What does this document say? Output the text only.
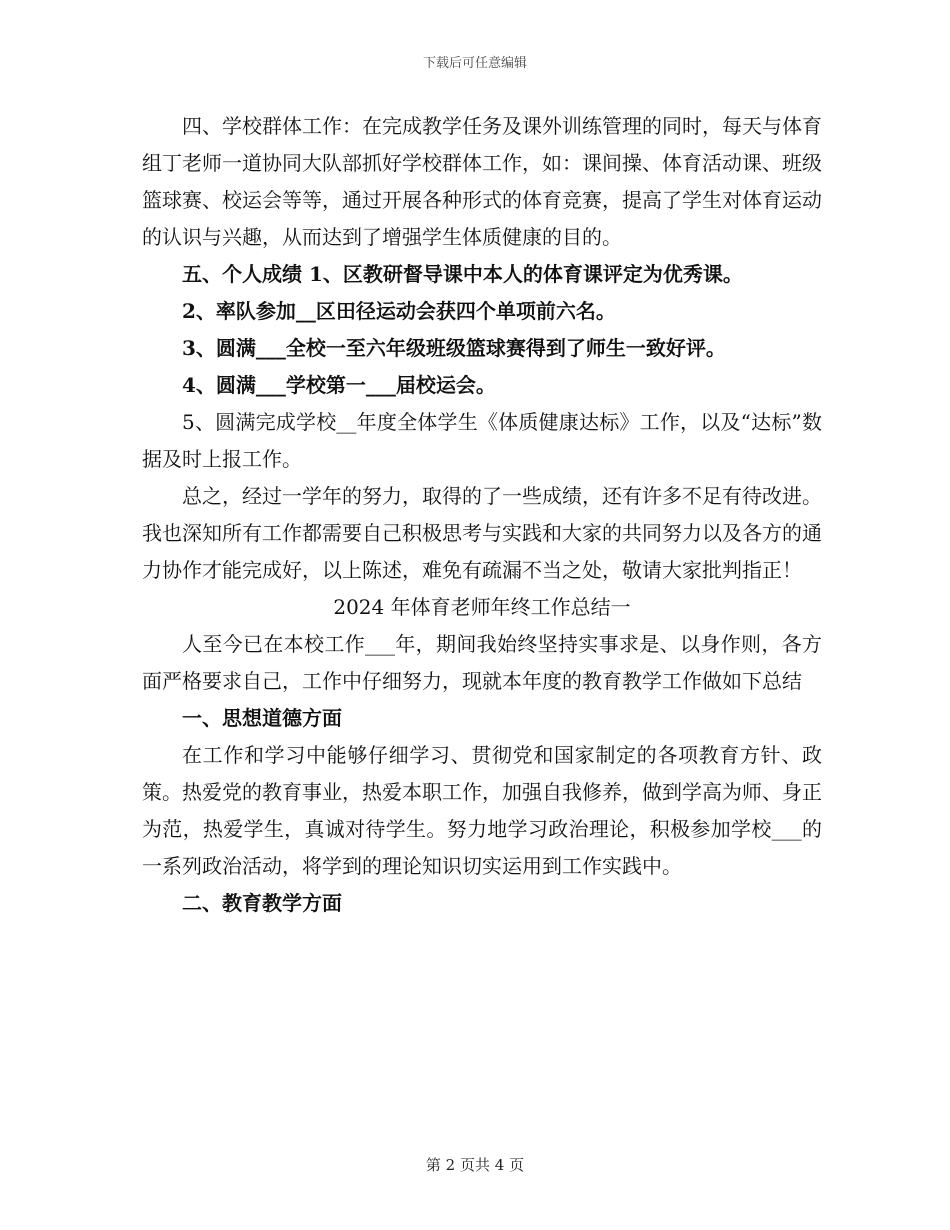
下载后可任意编辑

四、学校群体工作：在完成教学任务及课外训练管理的同时，每天与体育组丁老师一道协同大队部抓好学校群体工作，如：课间操、体育活动课、班级篮球赛、校运会等等，通过开展各种形式的体育竞赛，提高了学生对体育运动的认识与兴趣，从而达到了增强学生体质健康的目的。

五、个人成绩 1、区教研督导课中本人的体育课评定为优秀课。

2、率队参加__区田径运动会获四个单项前六名。

3、圆满___全校一至六年级班级篮球赛得到了师生一致好评。

4、圆满___学校第一___届校运会。

5、圆满完成学校__年度全体学生《体质健康达标》工作，以及“达标”数据及时上报工作。

总之，经过一学年的努力，取得的了一些成绩，还有许多不足有待改进。我也深知所有工作都需要自己积极思考与实践和大家的共同努力以及各方的通力协作才能完成好，以上陈述，难免有疏漏不当之处，敬请大家批判指正！

2024 年体育老师年终工作总结一

人至今已在本校工作___年，期间我始终坚持实事求是、以身作则，各方面严格要求自己，工作中仔细努力，现就本年度的教育教学工作做如下总结

一、思想道德方面

在工作和学习中能够仔细学习、贯彻党和国家制定的各项教育方针、政策。热爱党的教育事业，热爱本职工作，加强自我修养，做到学高为师、身正为范，热爱学生，真诚对待学生。努力地学习政治理论，积极参加学校___的一系列政治活动，将学到的理论知识切实运用到工作实践中。

二、教育教学方面

第 2 页共 4 页
